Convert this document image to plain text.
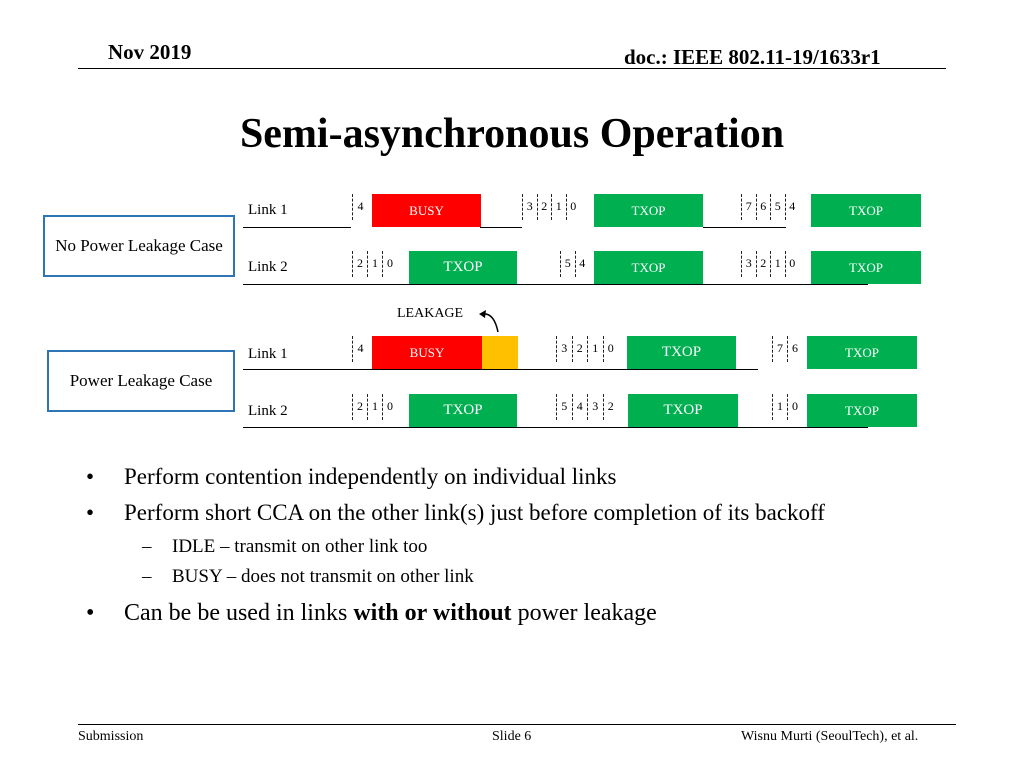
Nov 2019	doc.: IEEE 802.11-19/1633r1
Semi-asynchronous Operation
No Power Leakage Case
Power Leakage Case
Link 1	4	3 2 1 0	7 6 5 4
BUSY	TXOP	TXOP
Link 2	2 1 0	5 4	3 2 1 0
TXOP	TXOP	TXOP
Link 1	4	3 2 1 0	7 6
BUSY	TXOP	TXOP
Link 2	2 1 0	5 4 3 2	1 0
TXOP	TXOP	TXOP
LEAKAGE
•	Perform contention independently on individual links
•	Perform short CCA on the other link(s) just before completion of its backoff
–	IDLE – transmit on other link too
–	BUSY – does not transmit on other link
•	Can be be used in links with or without power leakage
Submission	Slide 6	Wisnu Murti (SeoulTech), et al.
